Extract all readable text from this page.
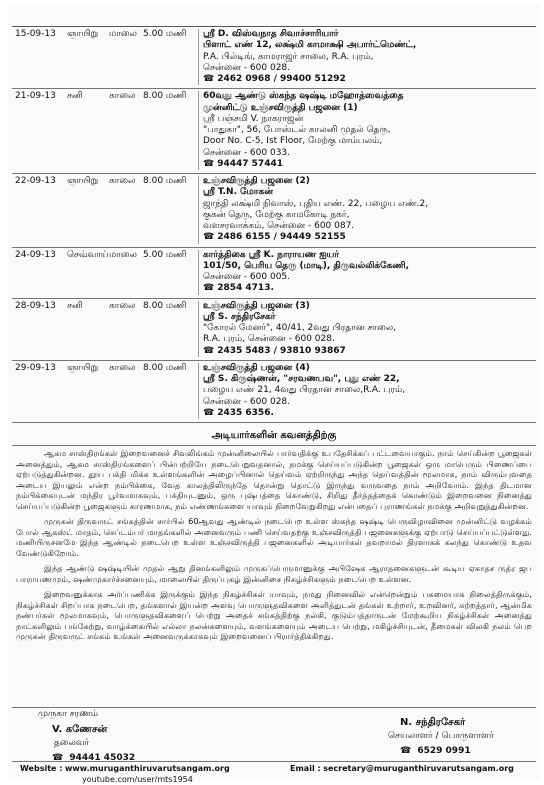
15-09-13	ஞாயிறு	மாலை 5.00 மணி	ஸ்ரீ D. விஸ்வநாத சிவாச்சாரியார்
பிளாட் எண் 12, லக்ஷ்மி காமாக்ஷி அபார்ட்மெண்ட்,
P.A. பில்டிங், காமராஜர் சாலை, R.A. புரம்,
சென்னை - 600 028.
☎ 2462 0968 / 99400 51292
21-09-13	சனி	காலை 8.00 மணி	60வது ஆண்டு ஸ்கந்த ஷஷ்டி மஹோத்ஸவத்தை
முன்னிட்டு உஞ்சவிருத்தி பஜனை (1)
ஸ்ரீ பஞ்சமி V. நாகராஜன்
"பாதுகா", 56, போஸ்டல் காலனி முதல் தெரு,
Door No. C-5, Ist Floor, மேற்கு மாம்பலம்,
சென்னை - 600 033.
☎ 94447 57441
22-09-13	ஞாயிறு	காலை 8.00 மணி	உஞ்சவிருத்தி பஜனை (2)
ஸ்ரீ T.N. மோகன்
ஜாந்தி லக்ஷ்மி நிவாஸ், புதிய எண். 22, பழைய எண்.2,
குகன் தெரு, மேற்கு காமகோடி நகர்,
வளசரவாக்கம், சென்னை - 600 087.
☎ 2486 6155 / 94449 52155
24-09-13	செவ்வாய் மாலை 5.00 மணி	கார்த்திகை ஸ்ரீ K. நாராயண ஐயர்
101/50, பெரிய தெரு (மாடி), திருவல்லிக்கேணி,
சென்னை - 600 005.
☎ 2854 4713.
28-09-13	சனி	காலை 8.00 மணி	உஞ்சவிருத்தி பஜனை (3)
ஸ்ரீ S. சந்திரசேகர்
"கோரல் மேனர்", 40/41, 2வது பிரதான சாலை,
R.A. புரம், சென்னை - 600 028.
☎ 2435 5483 / 93810 93867
29-09-13	ஞாயிறு	காலை 8.00 மணி	உஞ்சவிருத்தி பஜனை (4)
ஸ்ரீ S. கிருஷ்ணன், "சரவணபவ", புது எண் 22,
பழைய எண் 21, 4வது பிரதான சாலை,R.A. புரம்,
சென்னை - 600 028.
☎ 2435 6356.
அடியார்களின் கவனத்திற்கு

ஆகம சாஸ்திரங்கள் இறைவனைச் சிவலிங்கம் முன்னிலையில் பார்வதிக்கு உபதேசிக்கப் பட்டவையாகும். நாம் செய்கின்ற பூஜைகள் அனைத்தும், ஆகம சாஸ்திரங்களைப் பின்பற்றியே நடைபெறுவதனால், நமக்கு செய்யப்படுகின்ற பூஜைகள் ஒரு மாபெரும் பிணைப்பை ஏற்படுத்துகின்றன. தூய பக்தி மிக்க உள்ளங்களின் அழைப்பினால் தெய்வம் ஏற்றிருந்து அந்த தெய்வத்தின் மூலமாக, நாம் விரும்புவதை அடைய இயலும் என்ற நம்பிக்கை, வேத காலத்திலிருந்தே தொன்று தொட்டு இருந்து வருவதை நாம் அறிவோம். இந்த திடமான நம்பிக்கையுடன் மந்திர பூர்வமாகவும், பக்தியுடனும், ஒரு புஷ்பத்தை கொண்டு, சிறிது தீர்த்தத்தைக் கொண்டும் இறைவனை நினைத்து செய்யப்படுகின்ற பூஜைகளும் காரணமாக, நம் எண்ணங்களை யாவும் நிறைவேறுகிறது என்பதைப் புராணங்கள் நமக்கு அறிவுறுத்துகின்றன.

முருகன் திருவருட் சங்கத்தின் சார்பில் 60ஆவது ஆண்டில் நடைபெற உள்ள ஸ்கந்த ஷஷ்டி பெருவிழாவினை முன்னிட்டு வழக்கம் போல் ஆகஸ்ட் மாதம், செப்டம்பர் மாதங்களில் அனைவரும் பணி செய்வதற்கு உஞ்சவிருத்தி பஜனைகளுக்கு ஏற்பாடு செய்யப்பட்டுள்ளது. மணியிருசனமே இந்த ஆண்டில் நடைபெற உள்ள உஞ்சவிருத்தி பஜனைகளில் அடியார்கள் தவறாமல் திரளாகக் கலந்து கொண்டு உதவ வேண்டுகிறோம்.

இந்த ஆண்டு ஷஷ்டியின் முதல் ஆறு தினங்களிலும் முருகப்பெருமானுக்கு அபிஷேக ஆராதனைகளுடன் கூடிய ஏகாதச ருத்ர ஜப பாராயணமும், ஷண்முகார்ச்சனையும், மாலையில் திருப்புகழ் இன்னிசை நிகழ்ச்சிகளும் நடைபெற உள்ளன.

இறைவனுக்காக அர்ப்பணிக்க இருக்கும் இந்த நிகழ்ச்சிகள் யாவும், நமது நினைவில் என்றென்றும் பசுமையாக நிலைத்திருக்கும், நிகழ்ச்சிகள் சிறப்பாக நடைபெற, தங்களால் இயன்ற அளவு பொருளுதவிகளை அளித்துடன் தங்கள் உற்றார், உறவினர், சுற்றத்தார், ஆன்மிக நண்பர்கள் மூலமாகவும், பொருளுதவிகளைப் பெற்று அதைச் சங்கத்திற்கு நல்கி, குடும்பத்தாருடன் மேற்கூறிய நிகழ்ச்சிகள் அனைத்து நாட்களிலும் பங்கேற்று, வாழ்க்கையில் எல்லா நலன்களையும், வளங்களையும் அடைய பெற்று, மகிழ்ச்சியுடன், தீமைகள் விலகி நலம் பெற முருகன் திருவருட் சங்கம் உங்கள் அனைவருக்காகவும் இறைவனைப் பிரார்த்திக்கிறது.

முருகா சரணம்
V. கணேசன்
தலைவர்
☎ 94441 45032
N. சந்திரசேகர்
செயலாளர் / பொருளாளர்
☎ 6529 0991
Website : www.muruganthiruvarutsangam.org
youtube.com/user/mts1954
Email : secretary@muruganthiruvarutsangam.org
